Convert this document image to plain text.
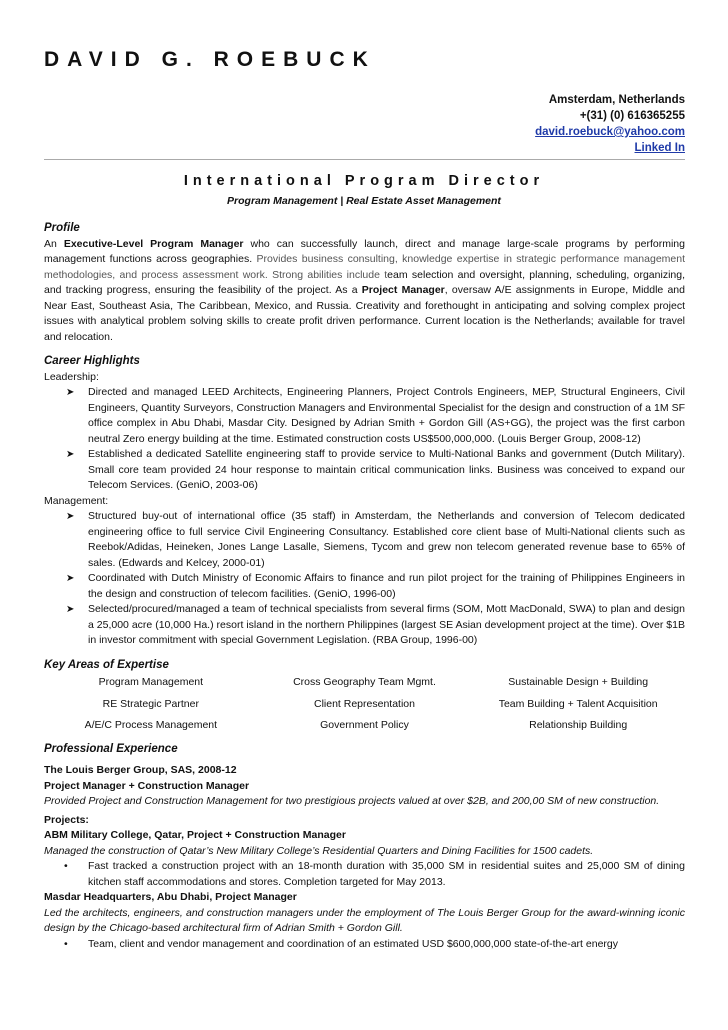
DAVID G. ROEBUCK
Amsterdam, Netherlands
+(31) (0) 616365255
david.roebuck@yahoo.com
Linked In
International Program Director
Program Management | Real Estate Asset Management
Profile
An Executive-Level Program Manager who can successfully launch, direct and manage large-scale programs by performing management functions across geographies. Provides business consulting, knowledge expertise in strategic performance management methodologies, and process assessment work. Strong abilities include team selection and oversight, planning, scheduling, organizing, and tracking progress, ensuring the feasibility of the project. As a Project Manager, oversaw A/E assignments in Europe, Middle and Near East, Southeast Asia, The Caribbean, Mexico, and Russia. Creativity and forethought in anticipating and solving complex project issues with analytical problem solving skills to create profit driven performance. Current location is the Netherlands; available for travel and relocation.
Career Highlights
Leadership:
➤ Directed and managed LEED Architects, Engineering Planners, Project Controls Engineers, MEP, Structural Engineers, Civil Engineers, Quantity Surveyors, Construction Managers and Environmental Specialist for the design and construction of a 1M SF office complex in Abu Dhabi, Masdar City. Designed by Adrian Smith + Gordon Gill (AS+GG), the project was the first carbon neutral Zero energy building at the time. Estimated construction costs US$500,000,000. (Louis Berger Group, 2008-12)
➤ Established a dedicated Satellite engineering staff to provide service to Multi-National Banks and government (Dutch Military). Small core team provided 24 hour response to maintain critical communication links. Business was conceived to expand our Telecom Services. (GeniO, 2003-06)
Management:
➤ Structured buy-out of international office (35 staff) in Amsterdam, the Netherlands and conversion of Telecom dedicated engineering office to full service Civil Engineering Consultancy. Established core client base of Multi-National clients such as Reebok/Adidas, Heineken, Jones Lange Lasalle, Siemens, Tycom and grew non telecom generated revenue base to 65% of sales. (Edwards and Kelcey, 2000-01)
➤ Coordinated with Dutch Ministry of Economic Affairs to finance and run pilot project for the training of Philippines Engineers in the design and construction of telecom facilities. (GeniO, 1996-00)
➤ Selected/procured/managed a team of technical specialists from several firms (SOM, Mott MacDonald, SWA) to plan and design a 25,000 acre (10,000 Ha.) resort island in the northern Philippines (largest SE Asian development project at the time). Over $1B in investor commitment with special Government Legislation. (RBA Group, 1996-00)
Key Areas of Expertise
Program Management	Cross Geography Team Mgmt.	Sustainable Design + Building
RE Strategic Partner	Client Representation	Team Building + Talent Acquisition
A/E/C Process Management	Government Policy	Relationship Building
Professional Experience
The Louis Berger Group, SAS, 2008-12
Project Manager + Construction Manager
Provided Project and Construction Management for two prestigious projects valued at over $2B, and 200,00 SM of new construction.
Projects:
ABM Military College, Qatar, Project + Construction Manager
Managed the construction of Qatar’s New Military College’s Residential Quarters and Dining Facilities for 1500 cadets.
• Fast tracked a construction project with an 18-month duration with 35,000 SM in residential suites and 25,000 SM of dining kitchen staff accommodations and stores. Completion targeted for May 2013.
Masdar Headquarters, Abu Dhabi, Project Manager
Led the architects, engineers, and construction managers under the employment of The Louis Berger Group for the award-winning iconic design by the Chicago-based architectural firm of Adrian Smith + Gordon Gill.
• Team, client and vendor management and coordination of an estimated USD $600,000,000 state-of-the-art energy
